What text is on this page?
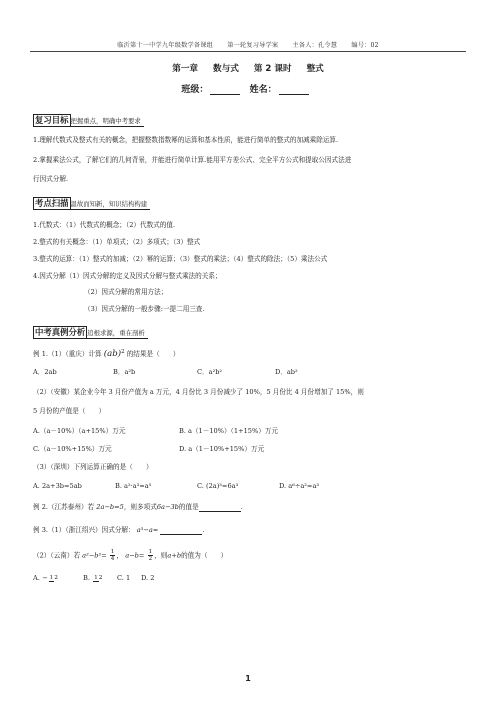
临沂第十一中学九年级数学备课组 第一轮复习导学案 主备人：孔令慧 编号：02
第一章 数与式 第 2 课时 整式
班级：	姓名：
复习目标 把握重点，明确中考要求
1.理解代数式及整式有关的概念，把握整数指数幂的运算和基本性质，能进行简单的整式的加减乘除运算.
2.掌握乘法公式，了解它们的几何背景，并能进行简单计算.能用平方差公式、完全平方公式和提取公因式法进
行因式分解.
考点扫描 温故而知新，知识结构构建
1.代数式：（1）代数式的概念；（2）代数式的值.
2.整式的有关概念：（1）单项式；（2）多项式；（3）整式
3.整式的运算：（1）整式的加减；（2）幂的运算；（3）整式的乘法；（4）整式的除法；（5）乘法公式
4.因式分解（1）因式分解的定义及因式分解与整式乘法的关系；
（2）因式分解的常用方法；
（3）因式分解的一般步骤:一提二用三查.
中考真例分析 追根求源，重在剖析
例 1.（1）（重庆）计算 (ab)$^2$ 的结果是（　　）
A．2ab	B．a²b	C．a²b²	D．ab²
（2）（安徽）某企业今年 3 月份产值为 a 万元，4 月份比 3 月份减少了 10%，5 月份比 4 月份增加了 15%，则
5 月份的产值是（　　）
A.（a－10%）（a+15%）万元	B. a（1－10%）（1+15%）万元
C.（a－10%+15%）万元	D. a（1－10%+15%）万元
（3）（深圳）下列运算正确的是（　　）
A. 2a+3b=5ab	B. a²·a³=a⁵	C. (2a)³=6a³	D. a⁶÷a²=a³
例 2.（江苏泰州）若 2a−b=5，则多项式6a−3b的值是	.
例 3.（1）（浙江绍兴）因式分解： a³−a=	.
（2）（云南）若 $a^2-b^2= \frac{1}{4}$ ， $a-b= \frac{1}{2}$ ，则a+b的值为（　　）
A. − 12	B. 12	C. 1	D. 2
1
